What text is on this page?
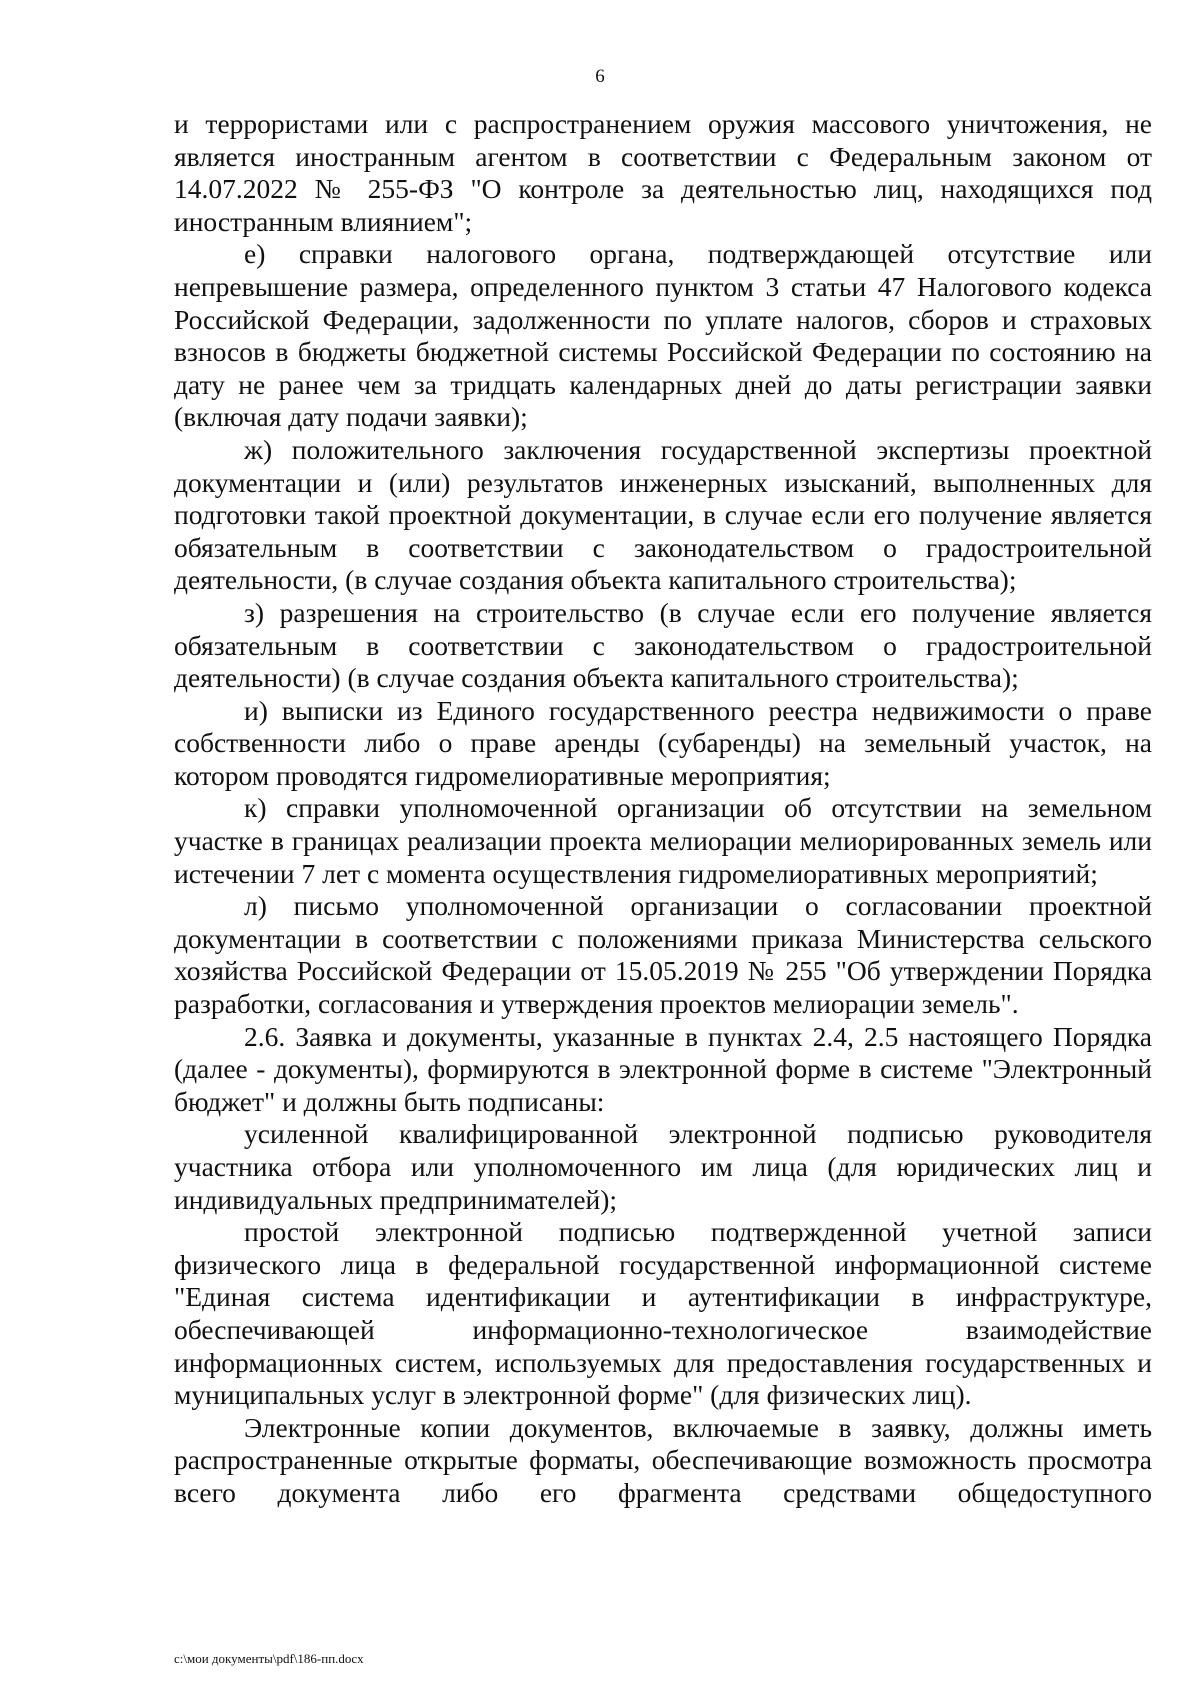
6

и террористами или с распространением оружия массового уничтожения, не является иностранным агентом в соответствии с Федеральным законом от 14.07.2022 № 255-ФЗ "О контроле за деятельностью лиц, находящихся под иностранным влиянием";

е) справки налогового органа, подтверждающей отсутствие или непревышение размера, определенного пунктом 3 статьи 47 Налогового кодекса Российской Федерации, задолженности по уплате налогов, сборов и страховых взносов в бюджеты бюджетной системы Российской Федерации по состоянию на дату не ранее чем за тридцать календарных дней до даты регистрации заявки (включая дату подачи заявки);

ж) положительного заключения государственной экспертизы проектной документации и (или) результатов инженерных изысканий, выполненных для подготовки такой проектной документации, в случае если его получение является обязательным в соответствии с законодательством о градостроительной деятельности, (в случае создания объекта капитального строительства);

з) разрешения на строительство (в случае если его получение является обязательным в соответствии с законодательством о градостроительной деятельности) (в случае создания объекта капитального строительства);

и) выписки из Единого государственного реестра недвижимости о праве собственности либо о праве аренды (субаренды) на земельный участок, на котором проводятся гидромелиоративные мероприятия;

к) справки уполномоченной организации об отсутствии на земельном участке в границах реализации проекта мелиорации мелиорированных земель или истечении 7 лет с момента осуществления гидромелиоративных мероприятий;

л) письмо уполномоченной организации о согласовании проектной документации в соответствии с положениями приказа Министерства сельского хозяйства Российской Федерации от 15.05.2019 № 255 "Об утверждении Порядка разработки, согласования и утверждения проектов мелиорации земель".

2.6. Заявка и документы, указанные в пунктах 2.4, 2.5 настоящего Порядка (далее - документы), формируются в электронной форме в системе "Электронный бюджет" и должны быть подписаны:

усиленной квалифицированной электронной подписью руководителя участника отбора или уполномоченного им лица (для юридических лиц и индивидуальных предпринимателей);

простой электронной подписью подтвержденной учетной записи физического лица в федеральной государственной информационной системе "Единая система идентификации и аутентификации в инфраструктуре, обеспечивающей информационно-технологическое взаимодействие информационных систем, используемых для предоставления государственных и муниципальных услуг в электронной форме" (для физических лиц).

Электронные копии документов, включаемые в заявку, должны иметь распространенные открытые форматы, обеспечивающие возможность просмотра всего документа либо его фрагмента средствами общедоступного

c:\мои документы\pdf\186-пп.docx
